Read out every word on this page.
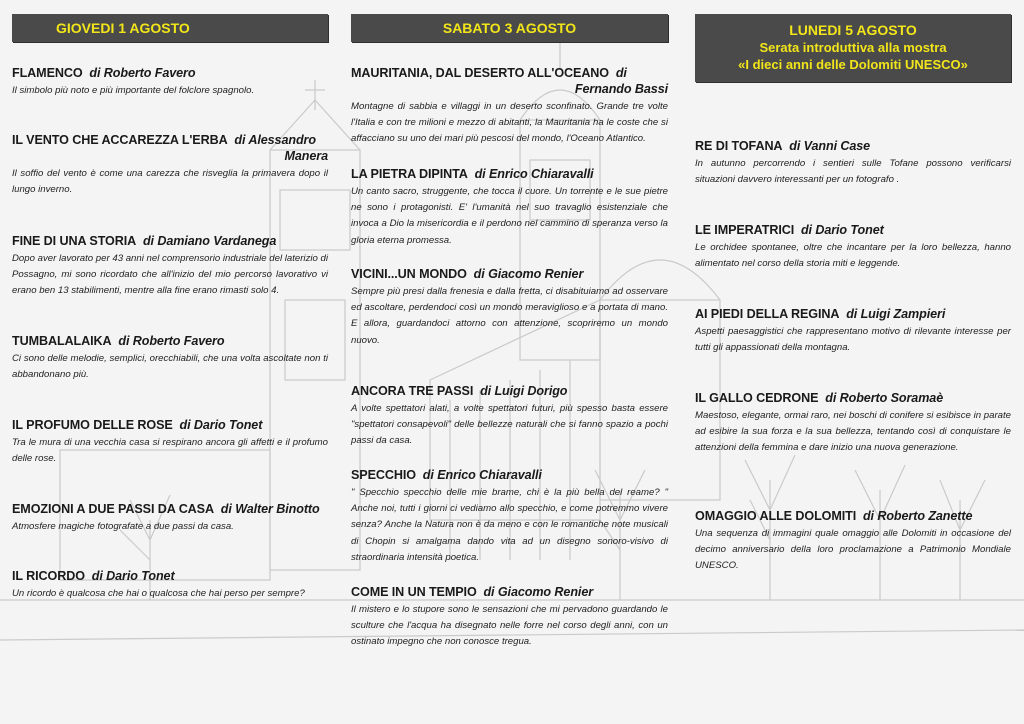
GIOVEDI 1 AGOSTO

FLAMENCO di Roberto Favero

Il simbolo più noto e più importante del folclore spagnolo.

IL VENTO CHE ACCAREZZA L'ERBA di Alessandro
Manera

Il soffio del vento è come una carezza che risveglia la primavera dopo il lungo inverno.

FINE DI UNA STORIA di Damiano Vardanega

Dopo aver lavorato per 43 anni nel comprensorio industriale del laterizio di Possagno, mi sono ricordato che all'inizio del mio percorso lavorativo vi erano ben 13 stabilimenti, mentre alla fine erano rimasti solo 4.

TUMBALALAIKA di Roberto Favero

Ci sono delle melodie, semplici, orecchiabili, che una volta ascoltate non ti abbandonano più.

IL PROFUMO DELLE ROSE di Dario Tonet

Tra le mura di una vecchia casa si respirano ancora gli affetti e il profumo delle rose.

EMOZIONI A DUE PASSI DA CASA di Walter Binotto

Atmosfere magiche fotografate a due passi da casa.

IL RICORDO di Dario Tonet

Un ricordo è qualcosa che hai o qualcosa che hai perso per sempre?

SABATO 3 AGOSTO

MAURITANIA, DAL DESERTO ALL'OCEANO di
Fernando Bassi

Montagne di sabbia e villaggi in un deserto sconfinato. Grande tre volte l'Italia e con tre milioni e mezzo di abitanti, la Mauritania ha le coste che si affacciano su uno dei mari più pescosi del mondo, l'Oceano Atlantico.

LA PIETRA DIPINTA di Enrico Chiaravalli

Un canto sacro, struggente, che tocca il cuore. Un torrente e le sue pietre ne sono i protagonisti. E' l'umanità nel suo travaglio esistenziale che invoca a Dio la misericordia e il perdono nel cammino di speranza verso la gloria eterna promessa.

VICINI...UN MONDO di Giacomo Renier

Sempre più presi dalla frenesia e dalla fretta, ci disabituiamo ad osservare ed ascoltare, perdendoci così un mondo meraviglioso e a portata di mano. E allora, guardandoci attorno con attenzione, scopriremo un mondo nuovo.

ANCORA TRE PASSI di Luigi Dorigo

A volte spettatori alati, a volte spettatori futuri, più spesso basta essere "spettatori consapevoli" delle bellezze naturali che si fanno spazio a pochi passi da casa.

SPECCHIO di Enrico Chiaravalli

" Specchio specchio delle mie brame, chi è la più bella del reame? " Anche noi, tutti i giorni ci vediamo allo specchio, e come potremmo vivere senza? Anche la Natura non è da meno e con le romantiche note musicali di Chopin si amalgama dando vita ad un disegno sonoro-visivo di straordinaria intensità poetica.

COME IN UN TEMPIO di Giacomo Renier

Il mistero e lo stupore sono le sensazioni che mi pervadono guardando le sculture che l'acqua ha disegnato nelle forre nel corso degli anni, con un ostinato impegno che non conosce tregua.

LUNEDI 5 AGOSTO
Serata introduttiva alla mostra
«I dieci anni delle Dolomiti UNESCO»

RE DI TOFANA di Vanni Case

In autunno percorrendo i sentieri sulle Tofane possono verificarsi situazioni davvero interessanti per un fotografo .

LE IMPERATRICI di Dario Tonet

Le orchidee spontanee, oltre che incantare per la loro bellezza, hanno alimentato nel corso della storia miti e leggende.

AI PIEDI DELLA REGINA di Luigi Zampieri

Aspetti paesaggistici che rappresentano motivo di rilevante interesse per tutti gli appassionati della montagna.

IL GALLO CEDRONE di Roberto Soramaè

Maestoso, elegante, ormai raro, nei boschi di conifere si esibisce in parate ad esibire la sua forza e la sua bellezza, tentando così di conquistare le attenzioni della femmina e dare inizio una nuova generazione.

OMAGGIO ALLE DOLOMITI di Roberto Zanette

Una sequenza di immagini quale omaggio alle Dolomiti in occasione del decimo anniversario della loro proclamazione a Patrimonio Mondiale UNESCO.
